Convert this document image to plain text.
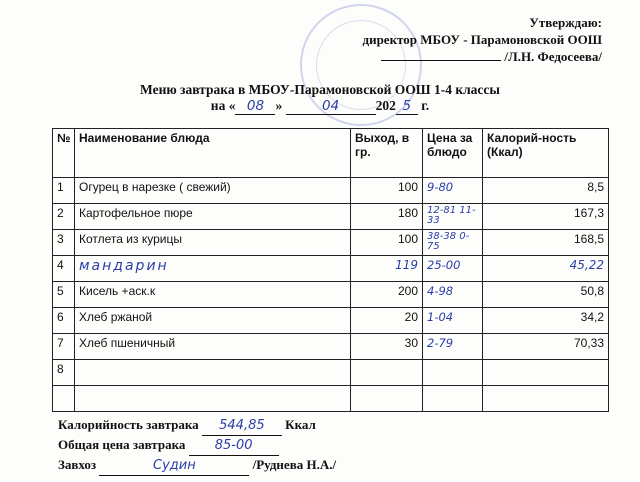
Утверждаю:
директор МБОУ - Парамоновской ООШ
/Л.Н. Федосеева/
Меню завтрака в МБОУ-Парамоновской ООШ 1-4 классы
на « 08 »	04	202 5 г.
№	Наименование блюда	Выход, в гр.	Цена за блюдо	Калорий-ность (Ккал)
1	Огурец в нарезке ( свежий)	100	9-80	8,5
2	Картофельное пюре	180	12-81 11-33	167,3
3	Котлета из курицы	100	38-38 0-75	168,5
4	мандарин	119	25-00	45,22
5	Кисель +аск.к	200	4-98	50,8
6	Хлеб ржаной	20	1-04	34,2
7	Хлеб пшеничный	30	2-79	70,33
8				

Калорийность завтрака 544,85 Ккал
Общая цена завтрака 85-00
Завхоз	Судин	/Руднева Н.А./
